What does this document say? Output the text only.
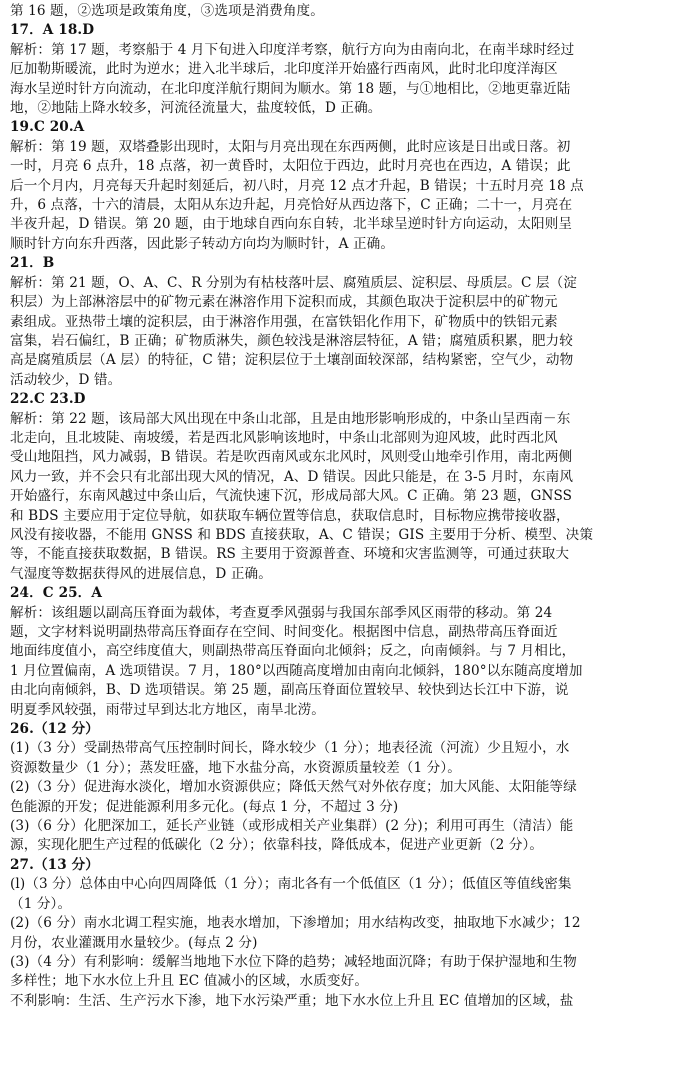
第 16 题，②选项是政策角度，③选项是消费角度。
17．A 18.D
解析：第 17 题，考察船于 4 月下旬进入印度洋考察，航行方向为由南向北，在南半球时经过
厄加勒斯暖流，此时为逆水；进入北半球后，北印度洋开始盛行西南风，此时北印度洋海区
海水呈逆时针方向流动，在北印度洋航行期间为顺水。第 18 题，与①地相比，②地更靠近陆
地，②地陆上降水较多，河流径流量大，盐度较低，D 正确。
19.C 20.A
解析：第 19 题，双塔叠影出现时，太阳与月亮出现在东西两侧，此时应该是日出或日落。初
一时，月亮 6 点升，18 点落，初一黄昏时，太阳位于西边，此时月亮也在西边，A 错误；此
后一个月内，月亮每天升起时刻延后，初八时，月亮 12 点才升起，B 错误；十五时月亮 18 点
升，6 点落，十六的清晨，太阳从东边升起，月亮恰好从西边落下，C 正确；二十一，月亮在
半夜升起，D 错误。第 20 题，由于地球自西向东自转，北半球呈逆时针方向运动，太阳则呈
顺时针方向东升西落，因此影子转动方向均为顺时针，A 正确。
21．B
解析：第 21 题，O、A、C、R 分别为有枯枝落叶层、腐殖质层、淀积层、母质层。C 层（淀
积层）为上部淋溶层中的矿物元素在淋溶作用下淀积而成，其颜色取决于淀积层中的矿物元
素组成。亚热带土壤的淀积层，由于淋溶作用强，在富铁铝化作用下，矿物质中的铁铝元素
富集，岩石偏红，B 正确；矿物质淋失，颜色较浅是淋溶层特征，A 错；腐殖质积累，肥力较
高是腐殖质层（A 层）的特征，C 错；淀积层位于土壤剖面较深部，结构紧密，空气少，动物
活动较少，D 错。
22.C 23.D
解析：第 22 题，该局部大风出现在中条山北部，且是由地形影响形成的，中条山呈西南－东
北走向，且北坡陡、南坡缓，若是西北风影响该地时，中条山北部则为迎风坡，此时西北风
受山地阻挡，风力减弱，B 错误。若是吹西南风或东北风时，风则受山地牵引作用，南北两侧
风力一致，并不会只有北部出现大风的情况，A、D 错误。因此只能是，在 3-5 月时，东南风
开始盛行，东南风越过中条山后，气流快速下沉，形成局部大风。C 正确。第 23 题，GNSS
和 BDS 主要应用于定位导航，如获取车辆位置等信息，获取信息时，目标物应携带接收器，
风没有接收器，不能用 GNSS 和 BDS 直接获取，A、C 错误；GIS 主要用于分析、模型、决策
等，不能直接获取数据，B 错误。RS 主要用于资源普查、环境和灾害监测等，可通过获取大
气湿度等数据获得风的进展信息，D 正确。
24．C 25．A
解析：该组题以副高压脊面为载体，考查夏季风强弱与我国东部季风区雨带的移动。第 24
题，文字材料说明副热带高压脊面存在空间、时间变化。根据图中信息，副热带高压脊面近
地面纬度值小，高空纬度值大，则副热带高压脊面向北倾斜；反之，向南倾斜。与 7 月相比，
1 月位置偏南，A 选项错误。7 月，180°以西随高度增加由南向北倾斜，180°以东随高度增加
由北向南倾斜，B、D 选项错误。第 25 题，副高压脊面位置较早、较快到达长江中下游，说
明夏季风较强，雨带过早到达北方地区，南旱北涝。
26.（12 分）
(1)（3 分）受副热带高气压控制时间长，降水较少（1 分）；地表径流（河流）少且短小，水
资源数量少（1 分）；蒸发旺盛，地下水盐分高，水资源质量较差（1 分）。
(2)（3 分）促进海水淡化，增加水资源供应；降低天然气对外依存度；加大风能、太阳能等绿
色能源的开发；促进能源利用多元化。(每点 1 分，不超过 3 分)
(3)（6 分）化肥深加工，延长产业链（或形成相关产业集群）(2 分)；利用可再生（清洁）能
源，实现化肥生产过程的低碳化（2 分）；依靠科技，降低成本，促进产业更新（2 分）。
27.（13 分）
(l)（3 分）总体由中心向四周降低（1 分）；南北各有一个低值区（1 分）；低值区等值线密集
（1 分）。
(2)（6 分）南水北调工程实施，地表水增加，下渗增加；用水结构改变，抽取地下水减少；12
月份，农业灌溉用水量较少。(每点 2 分)
(3)（4 分）有利影响：缓解当地地下水位下降的趋势；减轻地面沉降；有助于保护湿地和生物
多样性；地下水水位上升且 EC 值减小的区域，水质变好。
不利影响：生活、生产污水下渗，地下水污染严重；地下水水位上升且 EC 值增加的区域，盐
